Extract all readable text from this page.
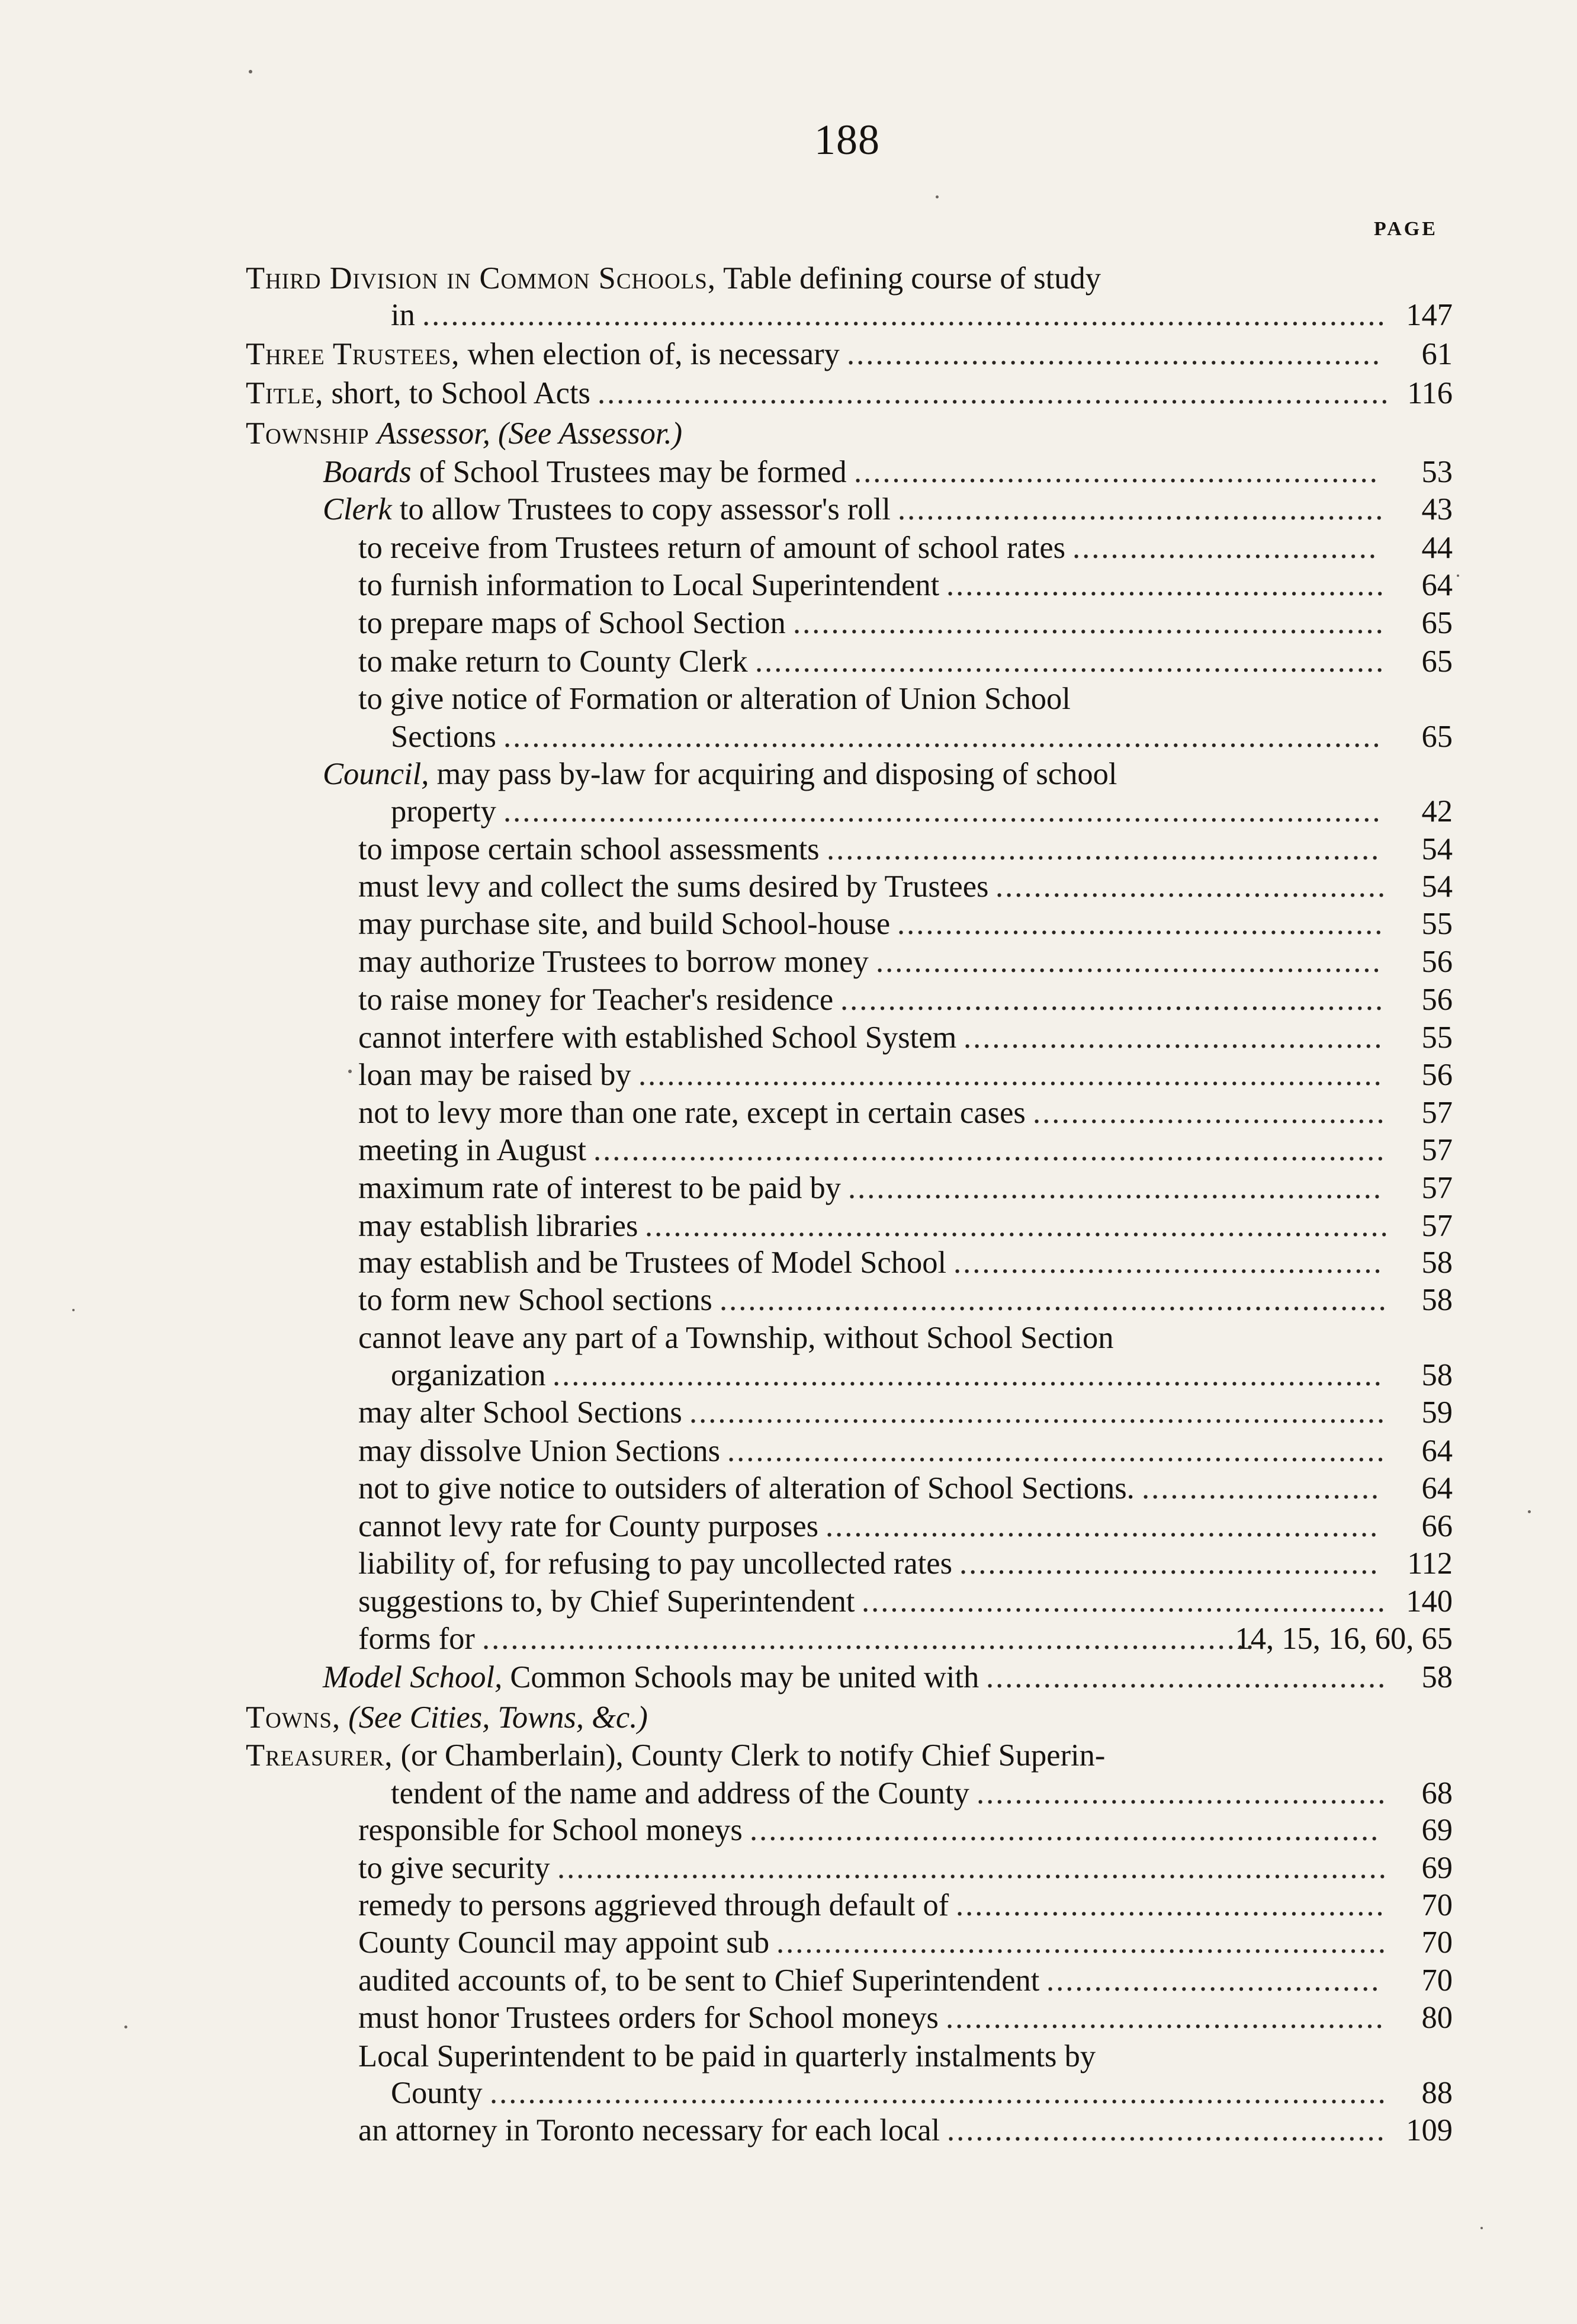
188
PAGE
Third Division in Common Schools, Table defining course of study
in	147
.....................................................................................................
Three Trustees, when election of, is necessary	61
........................................................
Title, short, to School Acts	116
...................................................................................
Township Assessor, (See Assessor.)
Boards of School Trustees may be formed	53
.......................................................
Clerk to allow Trustees to copy assessor's roll	43
...................................................
to receive from Trustees return of amount of school rates	44
................................
to furnish information to Local Superintendent	64
..............................................
to prepare maps of School Section	65
..............................................................
to make return to County Clerk	65
..................................................................
to give notice of Formation or alteration of Union School
Sections	65
............................................................................................
Council, may pass by-law for acquiring and disposing of school
property	42
............................................................................................
to impose certain school assessments	54
..........................................................
must levy and collect the sums desired by Trustees	54
.........................................
may purchase site, and build School-house	55
...................................................
may authorize Trustees to borrow money	56
.....................................................
to raise money for Teacher's residence	56
.........................................................
cannot interfere with established School System	55
............................................
loan may be raised by	56
..............................................................................
not to levy more than one rate, except in certain cases	57
.....................................
meeting in August	57
...................................................................................
maximum rate of interest to be paid by	57
........................................................
may establish libraries	57
..............................................................................
may establish and be Trustees of Model School	58
.............................................
to form new School sections	58
......................................................................
cannot leave any part of a Township, without School Section
organization	58
.......................................................................................
may alter School Sections	59
.........................................................................
may dissolve Union Sections	64
.....................................................................
not to give notice to outsiders of alteration of School Sections.	64
.........................
cannot levy rate for County purposes	66
..........................................................
liability of, for refusing to pay uncollected rates	112
............................................
suggestions to, by Chief Superintendent	140
.......................................................
forms for	14, 15, 16, 60, 65
.................................................................................
Model School, Common Schools may be united with	58
..........................................
Towns, (See Cities, Towns, &c.)
Treasurer, (or Chamberlain), County Clerk to notify Chief Superin-
tendent of the name and address of the County	68
...........................................
responsible for School moneys	69
..................................................................
to give security	69
.......................................................................................
remedy to persons aggrieved through default of	70
.............................................
County Council may appoint sub	70
................................................................
audited accounts of, to be sent to Chief Superintendent	70
...................................
must honor Trustees orders for School moneys	80
..............................................
Local Superintendent to be paid in quarterly instalments by
County	88
..............................................................................................
an attorney in Toronto necessary for each local	109
..............................................
